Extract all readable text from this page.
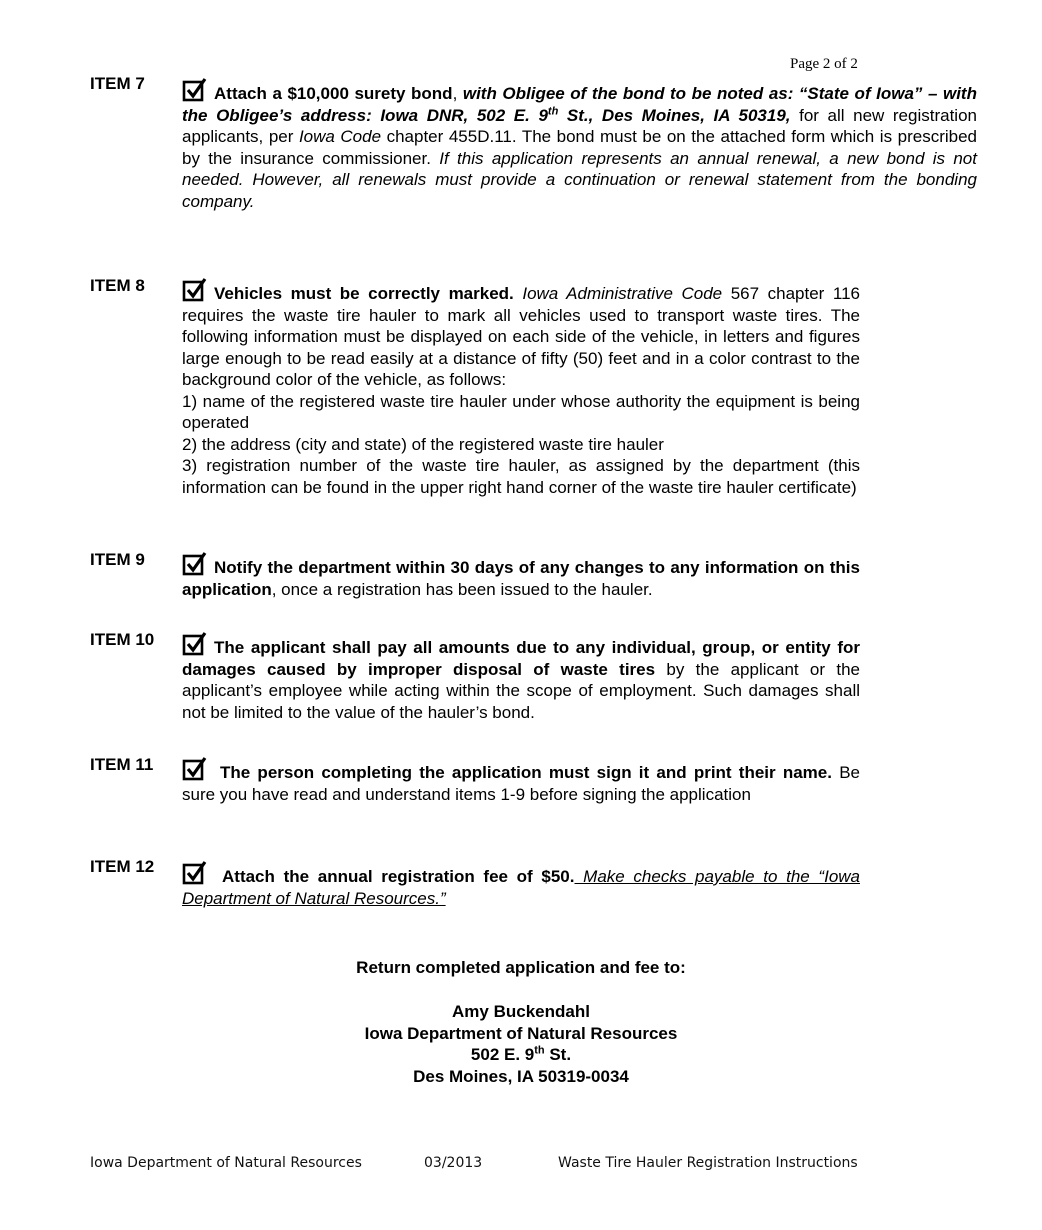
Page 2 of 2
ITEM 7

Attach a $10,000 surety bond, with Obligee of the bond to be noted as: “State of Iowa” – with the Obligee’s address: Iowa DNR, 502 E. 9th St., Des Moines, IA 50319, for all new registration applicants, per Iowa Code chapter 455D.11. The bond must be on the attached form which is prescribed by the insurance commissioner. If this application represents an annual renewal, a new bond is not needed. However, all renewals must provide a continuation or renewal statement from the bonding company.

ITEM 8	Vehicles must be correctly marked. Iowa Administrative Code 567 chapter 116 requires the waste tire hauler to mark all vehicles used to transport waste tires. The following information must be displayed on each side of the vehicle, in letters and figures large enough to be read easily at a distance of fifty (50) feet and in a color contrast to the background color of the vehicle, as follows:

1) name of the registered waste tire hauler under whose authority the equipment is being operated

2) the address (city and state) of the registered waste tire hauler

3) registration number of the waste tire hauler, as assigned by the department (this information can be found in the upper right hand corner of the waste tire hauler certificate)

ITEM 9	Notify the department within 30 days of any changes to any information on this application, once a registration has been issued to the hauler.

ITEM 10	The applicant shall pay all amounts due to any individual, group, or entity for damages caused by improper disposal of waste tires by the applicant or the applicant’s employee while acting within the scope of employment. Such damages shall not be limited to the value of the hauler’s bond.

ITEM 11	The person completing the application must sign it and print their name. Be sure you have read and understand items 1-9 before signing the application

ITEM 12

Attach the annual registration fee of $50. Make checks payable to the “Iowa Department of Natural Resources.”

Return completed application and fee to:
Amy Buckendahl
Iowa Department of Natural Resources
502 E. 9th St.
Des Moines, IA 50319-0034
Iowa Department of Natural Resources	03/2013	Waste Tire Hauler Registration Instructions
